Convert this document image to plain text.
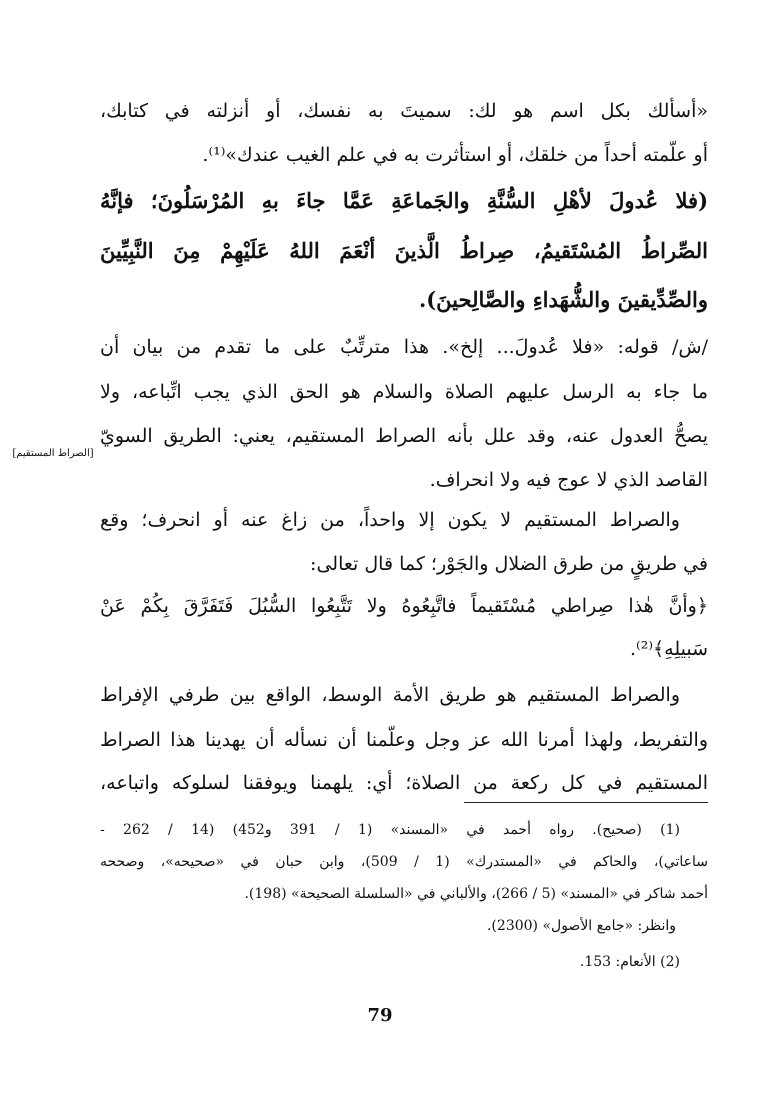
«أسألك بكل اسم هو لك: سميتَ به نفسك، أو أنزلته في كتابك،
أو علَّمته أحداً من خلقك، أو استأثرت به في علم الغيب عندك»⁽¹⁾.
(فلا عُدولَ لأهْلِ السُّنَّةِ والجَماعَةِ عَمَّا جاءَ بهِ المُرْسَلُونَ؛ فإنَّهُ
الصِّراطُ المُسْتَقيمُ، صِراطُ الَّذينَ أنْعَمَ اللهُ عَلَيْهِمْ مِنَ النَّبِيِّينَ
والصِّدِّيقينَ والشُّهَداءِ والصَّالِحينَ).
/ش/ قوله: «فلا عُدولَ... إلخ». هذا مترتِّبٌ على ما تقدم من بيان أن
ما جاء به الرسل عليهم الصلاة والسلام هو الحق الذي يجب اتِّباعه، ولا
يصحُّ العدول عنه، وقد علل بأنه الصراط المستقيم، يعني: الطريق السويّ
القاصد الذي لا عوج فيه ولا انحراف.
[الصراط المستقيم]
والصراط المستقيم لا يكون إلا واحداً، من زاغ عنه أو انحرف؛ وقع
في طريقٍ من طرق الضلال والجَوْر؛ كما قال تعالى:
﴿وأنَّ هٰذا صِراطي مُسْتَقيماً فاتَّبِعُوهُ ولا تَتَّبِعُوا السُّبُلَ فَتَفَرَّقَ بِكُمْ عَنْ
سَبيلِهِ﴾⁽²⁾.
والصراط المستقيم هو طريق الأمة الوسط، الواقع بين طرفي الإفراط
والتفريط، ولهذا أمرنا الله عز وجل وعلَّمنا أن نسأله أن يهدينا هذا الصراط
المستقيم في كل ركعة من الصلاة؛ أي: يلهمنا ويوفقنا لسلوكه واتباعه،
(1) (صحيح). رواه أحمد في «المسند» (1 / 391 و452) (14 / 262 -
ساعاتي)، والحاكم في «المستدرك» (1 / 509)، وابن حبان في «صحيحه»، وصححه
أحمد شاكر في «المسند» (5 / 266)، والألباني في «السلسلة الصحيحة» (198).
وانظر: «جامع الأصول» (2300).
(2) الأنعام: 153.
79
